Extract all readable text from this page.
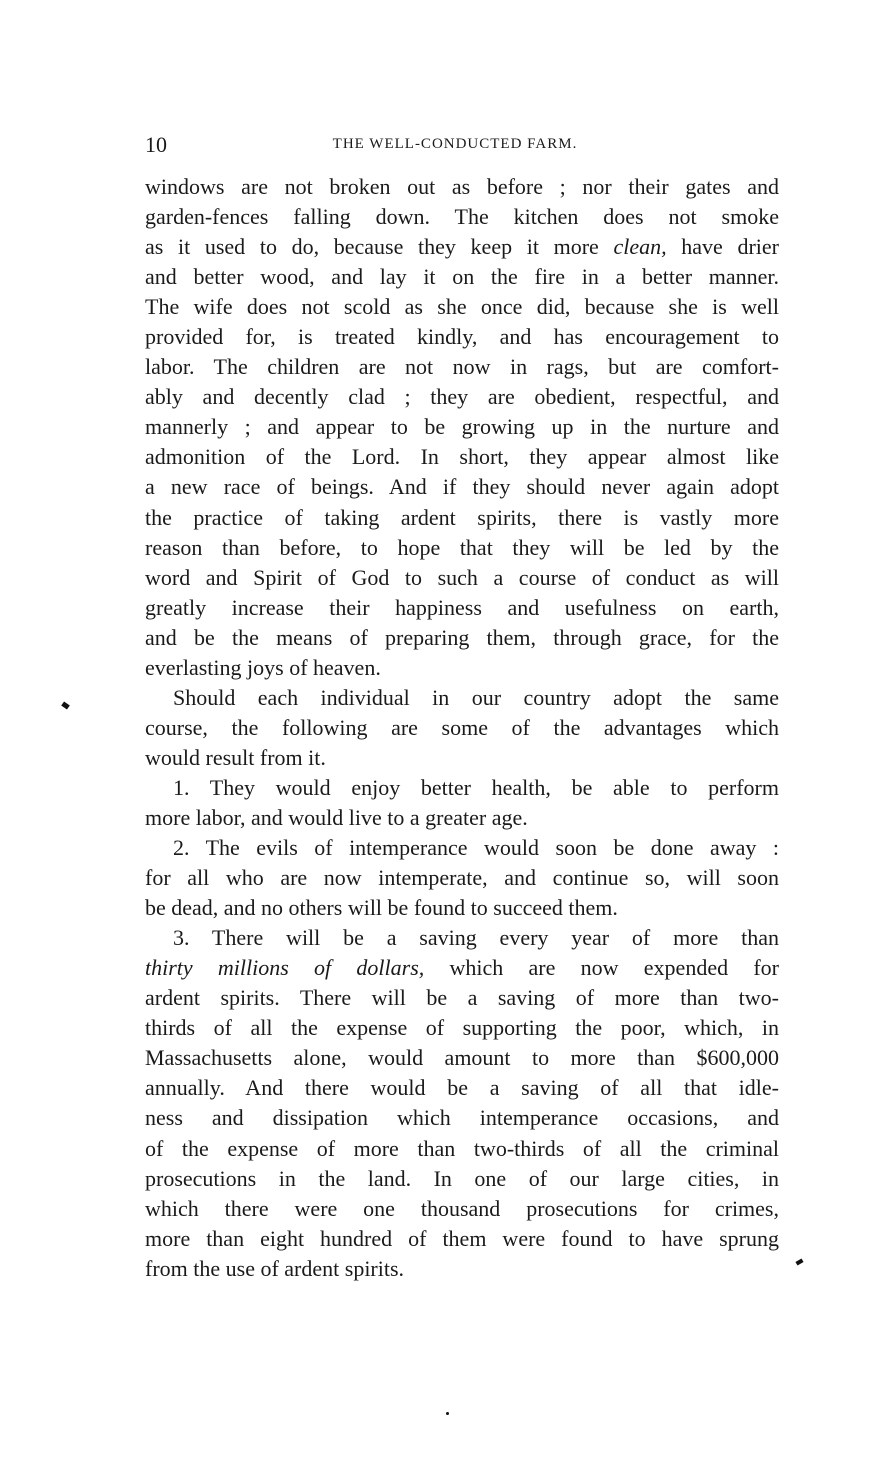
10	THE WELL-CONDUCTED FARM.
windows are not broken out as before ; nor their gates and
garden-fences falling down. The kitchen does not smoke
as it used to do, because they keep it more clean, have drier
and better wood, and lay it on the fire in a better manner.
The wife does not scold as she once did, because she is well
provided for, is treated kindly, and has encouragement to
labor. The children are not now in rags, but are comfort-
ably and decently clad ; they are obedient, respectful, and
mannerly ; and appear to be growing up in the nurture and
admonition of the Lord. In short, they appear almost like
a new race of beings. And if they should never again adopt
the practice of taking ardent spirits, there is vastly more
reason than before, to hope that they will be led by the
word and Spirit of God to such a course of conduct as will
greatly increase their happiness and usefulness on earth,
and be the means of preparing them, through grace, for the
everlasting joys of heaven.
Should each individual in our country adopt the same
course, the following are some of the advantages which
would result from it.
1. They would enjoy better health, be able to perform
more labor, and would live to a greater age.
2. The evils of intemperance would soon be done away :
for all who are now intemperate, and continue so, will soon
be dead, and no others will be found to succeed them.
3. There will be a saving every year of more than
thirty millions of dollars, which are now expended for
ardent spirits. There will be a saving of more than two-
thirds of all the expense of supporting the poor, which, in
Massachusetts alone, would amount to more than $600,000
annually. And there would be a saving of all that idle-
ness and dissipation which intemperance occasions, and
of the expense of more than two-thirds of all the criminal
prosecutions in the land. In one of our large cities, in
which there were one thousand prosecutions for crimes,
more than eight hundred of them were found to have sprung
from the use of ardent spirits.
